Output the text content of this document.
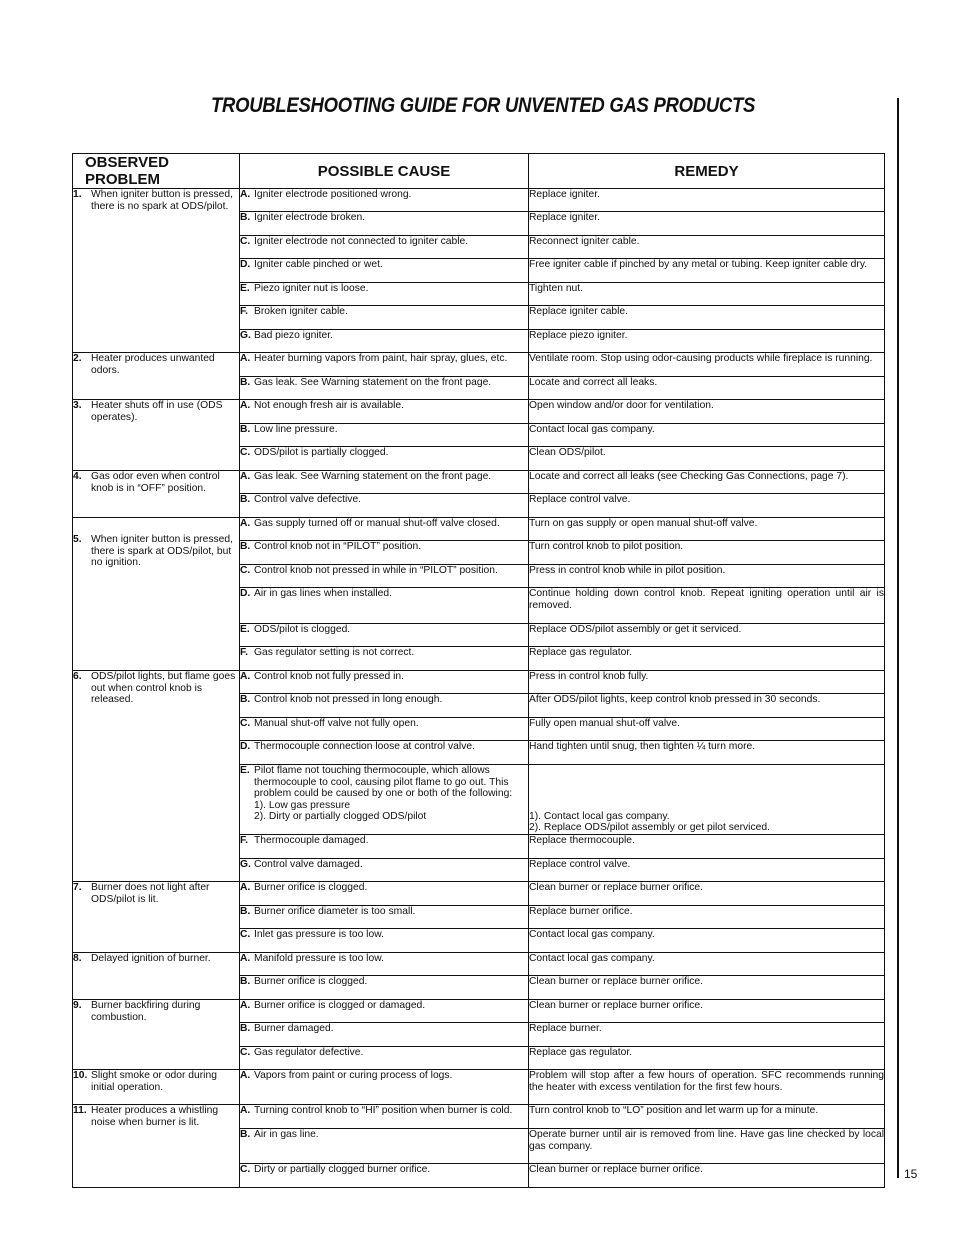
TROUBLESHOOTING GUIDE FOR UNVENTED GAS PRODUCTS
15
OBSERVED PROBLEM	POSSIBLE CAUSE	REMEDY

1. When igniter button is pressed, there is no spark at ODS/pilot.	A. Igniter electrode positioned wrong.	Replace igniter.

	B. Igniter electrode broken.	Replace igniter.

	C. Igniter electrode not connected to igniter cable.	Reconnect igniter cable.

	D. Igniter cable pinched or wet.	Free igniter cable if pinched by any metal or tubing. Keep igniter cable dry.

	E. Piezo igniter nut is loose.	Tighten nut.

	F. Broken igniter cable.	Replace igniter cable.

	G. Bad piezo igniter.	Replace piezo igniter.

2. Heater produces unwanted odors.	A. Heater burning vapors from paint, hair spray, glues, etc.	Ventilate room. Stop using odor-causing products while fireplace is running.

	B. Gas leak. See Warning statement on the front page.	Locate and correct all leaks.

3. Heater shuts off in use (ODS operates).	A. Not enough fresh air is available.	Open window and/or door for ventilation.

	B. Low line pressure.	Contact local gas company.

	C. ODS/pilot is partially clogged.	Clean ODS/pilot.

4. Gas odor even when control knob is in “OFF” position.	A. Gas leak. See Warning statement on the front page.	Locate and correct all leaks (see Checking Gas Connections, page 7).

	B. Control valve defective.	Replace control valve.

5. When igniter button is pressed, there is spark at ODS/pilot, but no ignition.	A. Gas supply turned off or manual shut-off valve closed.	Turn on gas supply or open manual shut-off valve.

	B. Control knob not in “PILOT” position.	Turn control knob to pilot position.

	C. Control knob not pressed in while in “PILOT” position.	Press in control knob while in pilot position.

	D. Air in gas lines when installed.	Continue holding down control knob. Repeat igniting operation until air is removed.

	E. ODS/pilot is clogged.	Replace ODS/pilot assembly or get it serviced.

	F. Gas regulator setting is not correct.	Replace gas regulator.

6. ODS/pilot lights, but flame goes out when control knob is released.	A. Control knob not fully pressed in.	Press in control knob fully.

	B. Control knob not pressed in long enough.	After ODS/pilot lights, keep control knob pressed in 30 seconds.

	C. Manual shut-off valve not fully open.	Fully open manual shut-off valve.

	D. Thermocouple connection loose at control valve.	Hand tighten until snug, then tighten ¼ turn more.

	E. Pilot flame not touching thermocouple, which allows thermocouple to cool, causing pilot flame to go out. This problem could be caused by one or both of the following:
1). Low gas pressure
2). Dirty or partially clogged ODS/pilot	1). Contact local gas company.
2). Replace ODS/pilot assembly or get pilot serviced.

	F. Thermocouple damaged.	Replace thermocouple.

	G. Control valve damaged.	Replace control valve.

7. Burner does not light after ODS/pilot is lit.	A. Burner orifice is clogged.	Clean burner or replace burner orifice.

	B. Burner orifice diameter is too small.	Replace burner orifice.

	C. Inlet gas pressure is too low.	Contact local gas company.

8. Delayed ignition of burner.	A. Manifold pressure is too low.	Contact local gas company.

	B. Burner orifice is clogged.	Clean burner or replace burner orifice.

9. Burner backfiring during combustion.	A. Burner orifice is clogged or damaged.	Clean burner or replace burner orifice.

	B. Burner damaged.	Replace burner.

	C. Gas regulator defective.	Replace gas regulator.

10. Slight smoke or odor during initial operation.	A. Vapors from paint or curing process of logs.	Problem will stop after a few hours of operation. SFC recommends running the heater with excess ventilation for the first few hours.

11. Heater produces a whistling noise when burner is lit.	A. Turning control knob to “HI” position when burner is cold.	Turn control knob to “LO” position and let warm up for a minute.

	B. Air in gas line.	Operate burner until air is removed from line. Have gas line checked by local gas company.

	C. Dirty or partially clogged burner orifice.	Clean burner or replace burner orifice.
